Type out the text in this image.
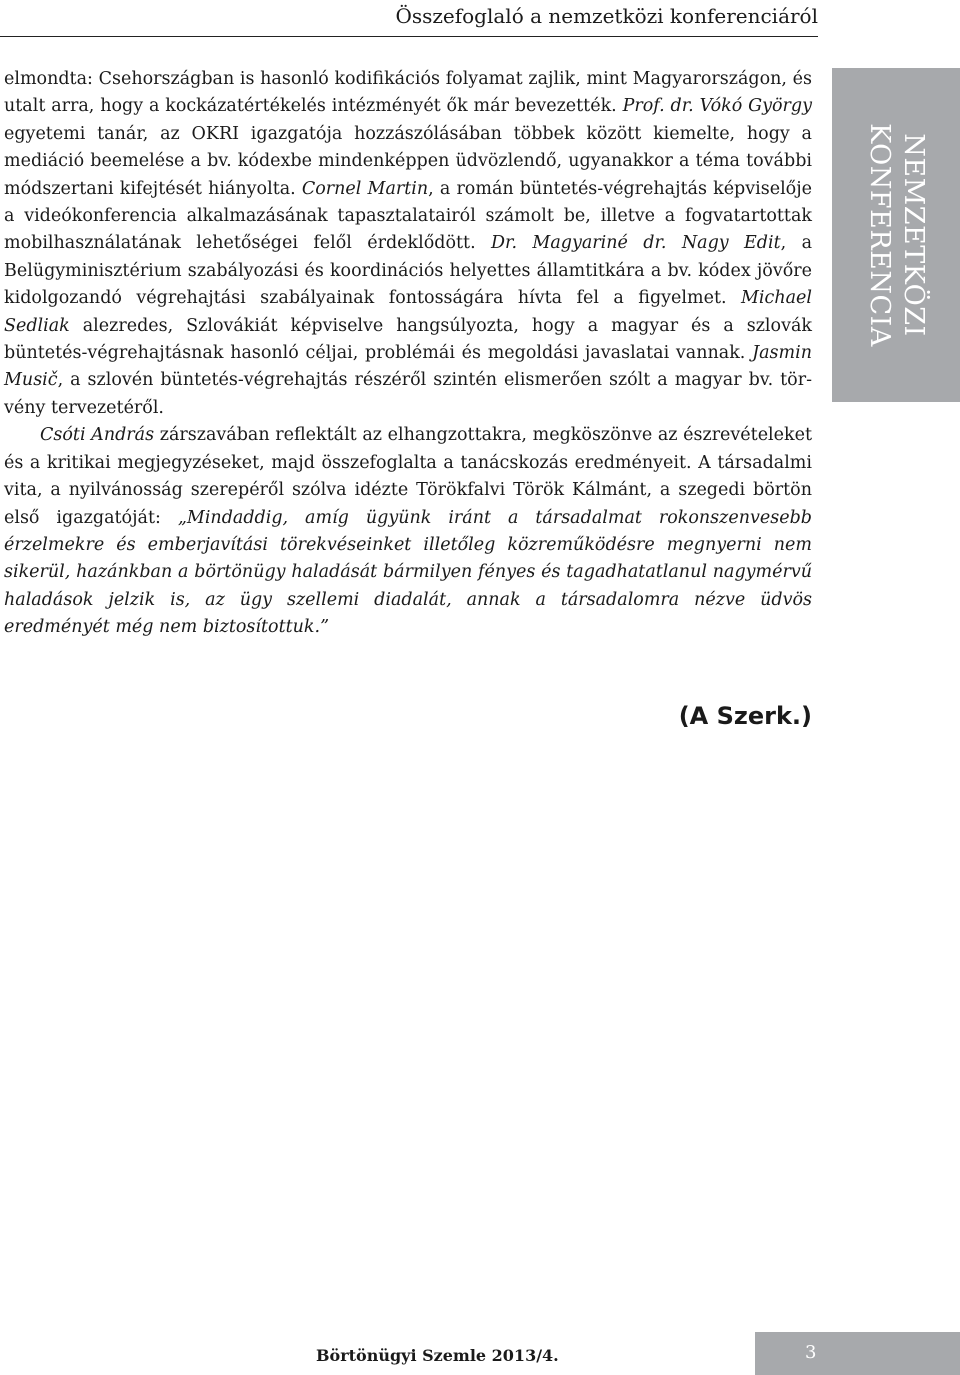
Összefoglaló a nemzetközi konferenciáról
NEMZETKÖZI
KONFERENCIA

elmondta: Csehországban is hasonló kodifikációs folyamat zajlik, mint Magyarországon, és utalt arra, hogy a kockázatértékelés intézményét ők már bevezették. Prof. dr. Vókó György egyetemi tanár, az OKRI igazgatója hozzászólásában többek között kiemelte, hogy a mediáció beemelése a bv. kódexbe mindenképpen üdvözlendő, ugyanakkor a téma további módszertani kifejtését hiányolta. Cornel Martin, a román büntetés-végrehajtás képviselője a videókonferencia alkalmazásának tapasztalatairól számolt be, illetve a fogvatartottak mobilhasználatának lehetőségei felől érdeklődött. Dr. Magyariné dr. Nagy Edit, a Belügyminisztérium szabályozási és koordinációs helyettes államtitkára a bv. kódex jövőre kidolgozandó végrehajtási szabályainak fontosságára hívta fel a figyelmet. Michael Sedliak alezredes, Szlovákiát képviselve hangsúlyozta, hogy a magyar és a szlovák büntetés-végrehajtásnak hasonló céljai, problémái és megoldási javaslatai vannak. Jasmin Musič, a szlovén büntetés-végrehajtás részéről szintén elismerően szólt a magyar bv. törvény tervezetéről.

Csóti András zárszavában reflektált az elhangzottakra, megköszönve az észrevételeket és a kritikai megjegyzéseket, majd összefoglalta a tanácskozás eredményeit. A társadalmi vita, a nyilvánosság szerepéről szólva idézte Törökfalvi Török Kálmánt, a szegedi börtön első igazgatóját: „Mindaddig, amíg ügyünk iránt a társadalmat rokonszenvesebb érzelmekre és emberjavítási törekvéseinket illetőleg közreműködésre megnyerni nem sikerül, hazánkban a börtönügy haladását bármilyen fényes és tagadhatatlanul nagymérvű haladások jelzik is, az ügy szellemi diadalát, annak a társadalomra nézve üdvös eredményét még nem biztosítottuk.”

(A Szerk.)
Börtönügyi Szemle 2013/4.	3
